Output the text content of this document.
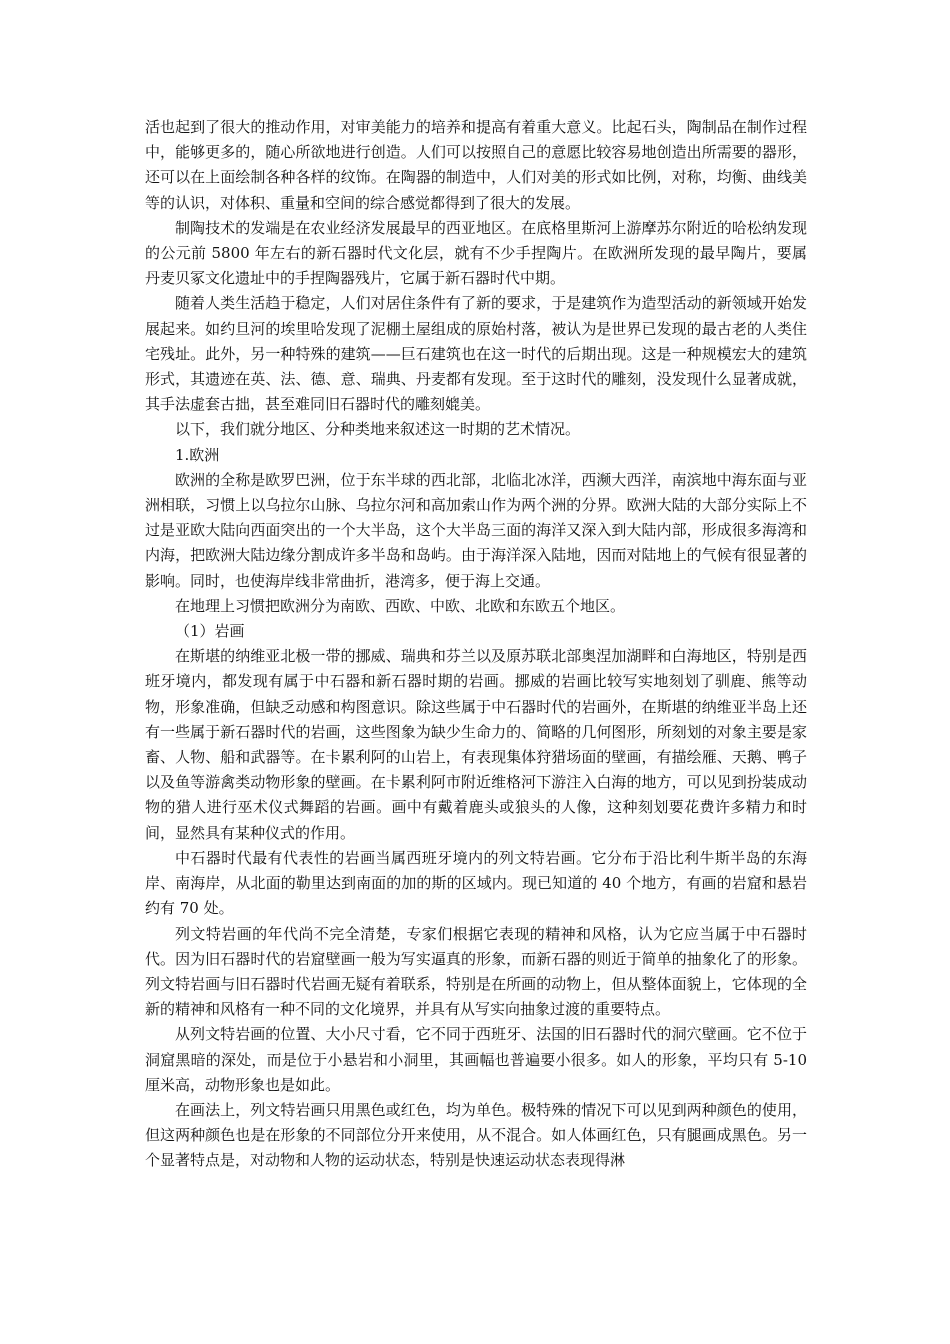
活也起到了很大的推动作用，对审美能力的培养和提高有着重大意义。比起石头，陶制品在制作过程中，能够更多的，随心所欲地进行创造。人们可以按照自己的意愿比较容易地创造出所需要的器形，还可以在上面绘制各种各样的纹饰。在陶器的制造中，人们对美的形式如比例，对称，均衡、曲线美等的认识，对体积、重量和空间的综合感觉都得到了很大的发展。

制陶技术的发端是在农业经济发展最早的西亚地区。在底格里斯河上游摩苏尔附近的哈松纳发现的公元前 5800 年左右的新石器时代文化层，就有不少手捏陶片。在欧洲所发现的最早陶片，要属丹麦贝冢文化遗址中的手捏陶器残片，它属于新石器时代中期。

随着人类生活趋于稳定，人们对居住条件有了新的要求，于是建筑作为造型活动的新领域开始发展起来。如约旦河的埃里哈发现了泥棚土屋组成的原始村落，被认为是世界已发现的最古老的人类住宅残址。此外，另一种特殊的建筑——巨石建筑也在这一时代的后期出现。这是一种规模宏大的建筑形式，其遗迹在英、法、德、意、瑞典、丹麦都有发现。至于这时代的雕刻，没发现什么显著成就，其手法虚套古拙，甚至难同旧石器时代的雕刻媲美。

以下，我们就分地区、分种类地来叙述这一时期的艺术情况。

1.欧洲

欧洲的全称是欧罗巴洲，位于东半球的西北部，北临北冰洋，西濒大西洋，南滨地中海东面与亚洲相联，习惯上以乌拉尔山脉、乌拉尔河和高加索山作为两个洲的分界。欧洲大陆的大部分实际上不过是亚欧大陆向西面突出的一个大半岛，这个大半岛三面的海洋又深入到大陆内部，形成很多海湾和内海，把欧洲大陆边缘分割成许多半岛和岛屿。由于海洋深入陆地，因而对陆地上的气候有很显著的影响。同时，也使海岸线非常曲折，港湾多，便于海上交通。

在地理上习惯把欧洲分为南欧、西欧、中欧、北欧和东欧五个地区。

（1）岩画

在斯堪的纳维亚北极一带的挪威、瑞典和芬兰以及原苏联北部奥涅加湖畔和白海地区，特别是西班牙境内，都发现有属于中石器和新石器时期的岩画。挪威的岩画比较写实地刻划了驯鹿、熊等动物，形象准确，但缺乏动感和构图意识。除这些属于中石器时代的岩画外，在斯堪的纳维亚半岛上还有一些属于新石器时代的岩画，这些图象为缺少生命力的、简略的几何图形，所刻划的对象主要是家畜、人物、船和武器等。在卡累利阿的山岩上，有表现集体狩猎场面的壁画，有描绘雁、天鹅、鸭子以及鱼等游禽类动物形象的壁画。在卡累利阿市附近维格河下游注入白海的地方，可以见到扮装成动物的猎人进行巫术仪式舞蹈的岩画。画中有戴着鹿头或狼头的人像，这种刻划要花费许多精力和时间，显然具有某种仪式的作用。

中石器时代最有代表性的岩画当属西班牙境内的列文特岩画。它分布于沿比利牛斯半岛的东海岸、南海岸，从北面的勒里达到南面的加的斯的区域内。现已知道的 40 个地方，有画的岩窟和悬岩约有 70 处。

列文特岩画的年代尚不完全清楚，专家们根据它表现的精神和风格，认为它应当属于中石器时代。因为旧石器时代的岩窟壁画一般为写实逼真的形象，而新石器的则近于简单的抽象化了的形象。列文特岩画与旧石器时代岩画无疑有着联系，特别是在所画的动物上，但从整体面貌上，它体现的全新的精神和风格有一种不同的文化境界，并具有从写实向抽象过渡的重要特点。

从列文特岩画的位置、大小尺寸看，它不同于西班牙、法国的旧石器时代的洞穴壁画。它不位于洞窟黑暗的深处，而是位于小悬岩和小洞里，其画幅也普遍要小很多。如人的形象，平均只有 5-10 厘米高，动物形象也是如此。

在画法上，列文特岩画只用黑色或红色，均为单色。极特殊的情况下可以见到两种颜色的使用，但这两种颜色也是在形象的不同部位分开来使用，从不混合。如人体画红色，只有腿画成黑色。另一个显著特点是，对动物和人物的运动状态，特别是快速运动状态表现得淋
